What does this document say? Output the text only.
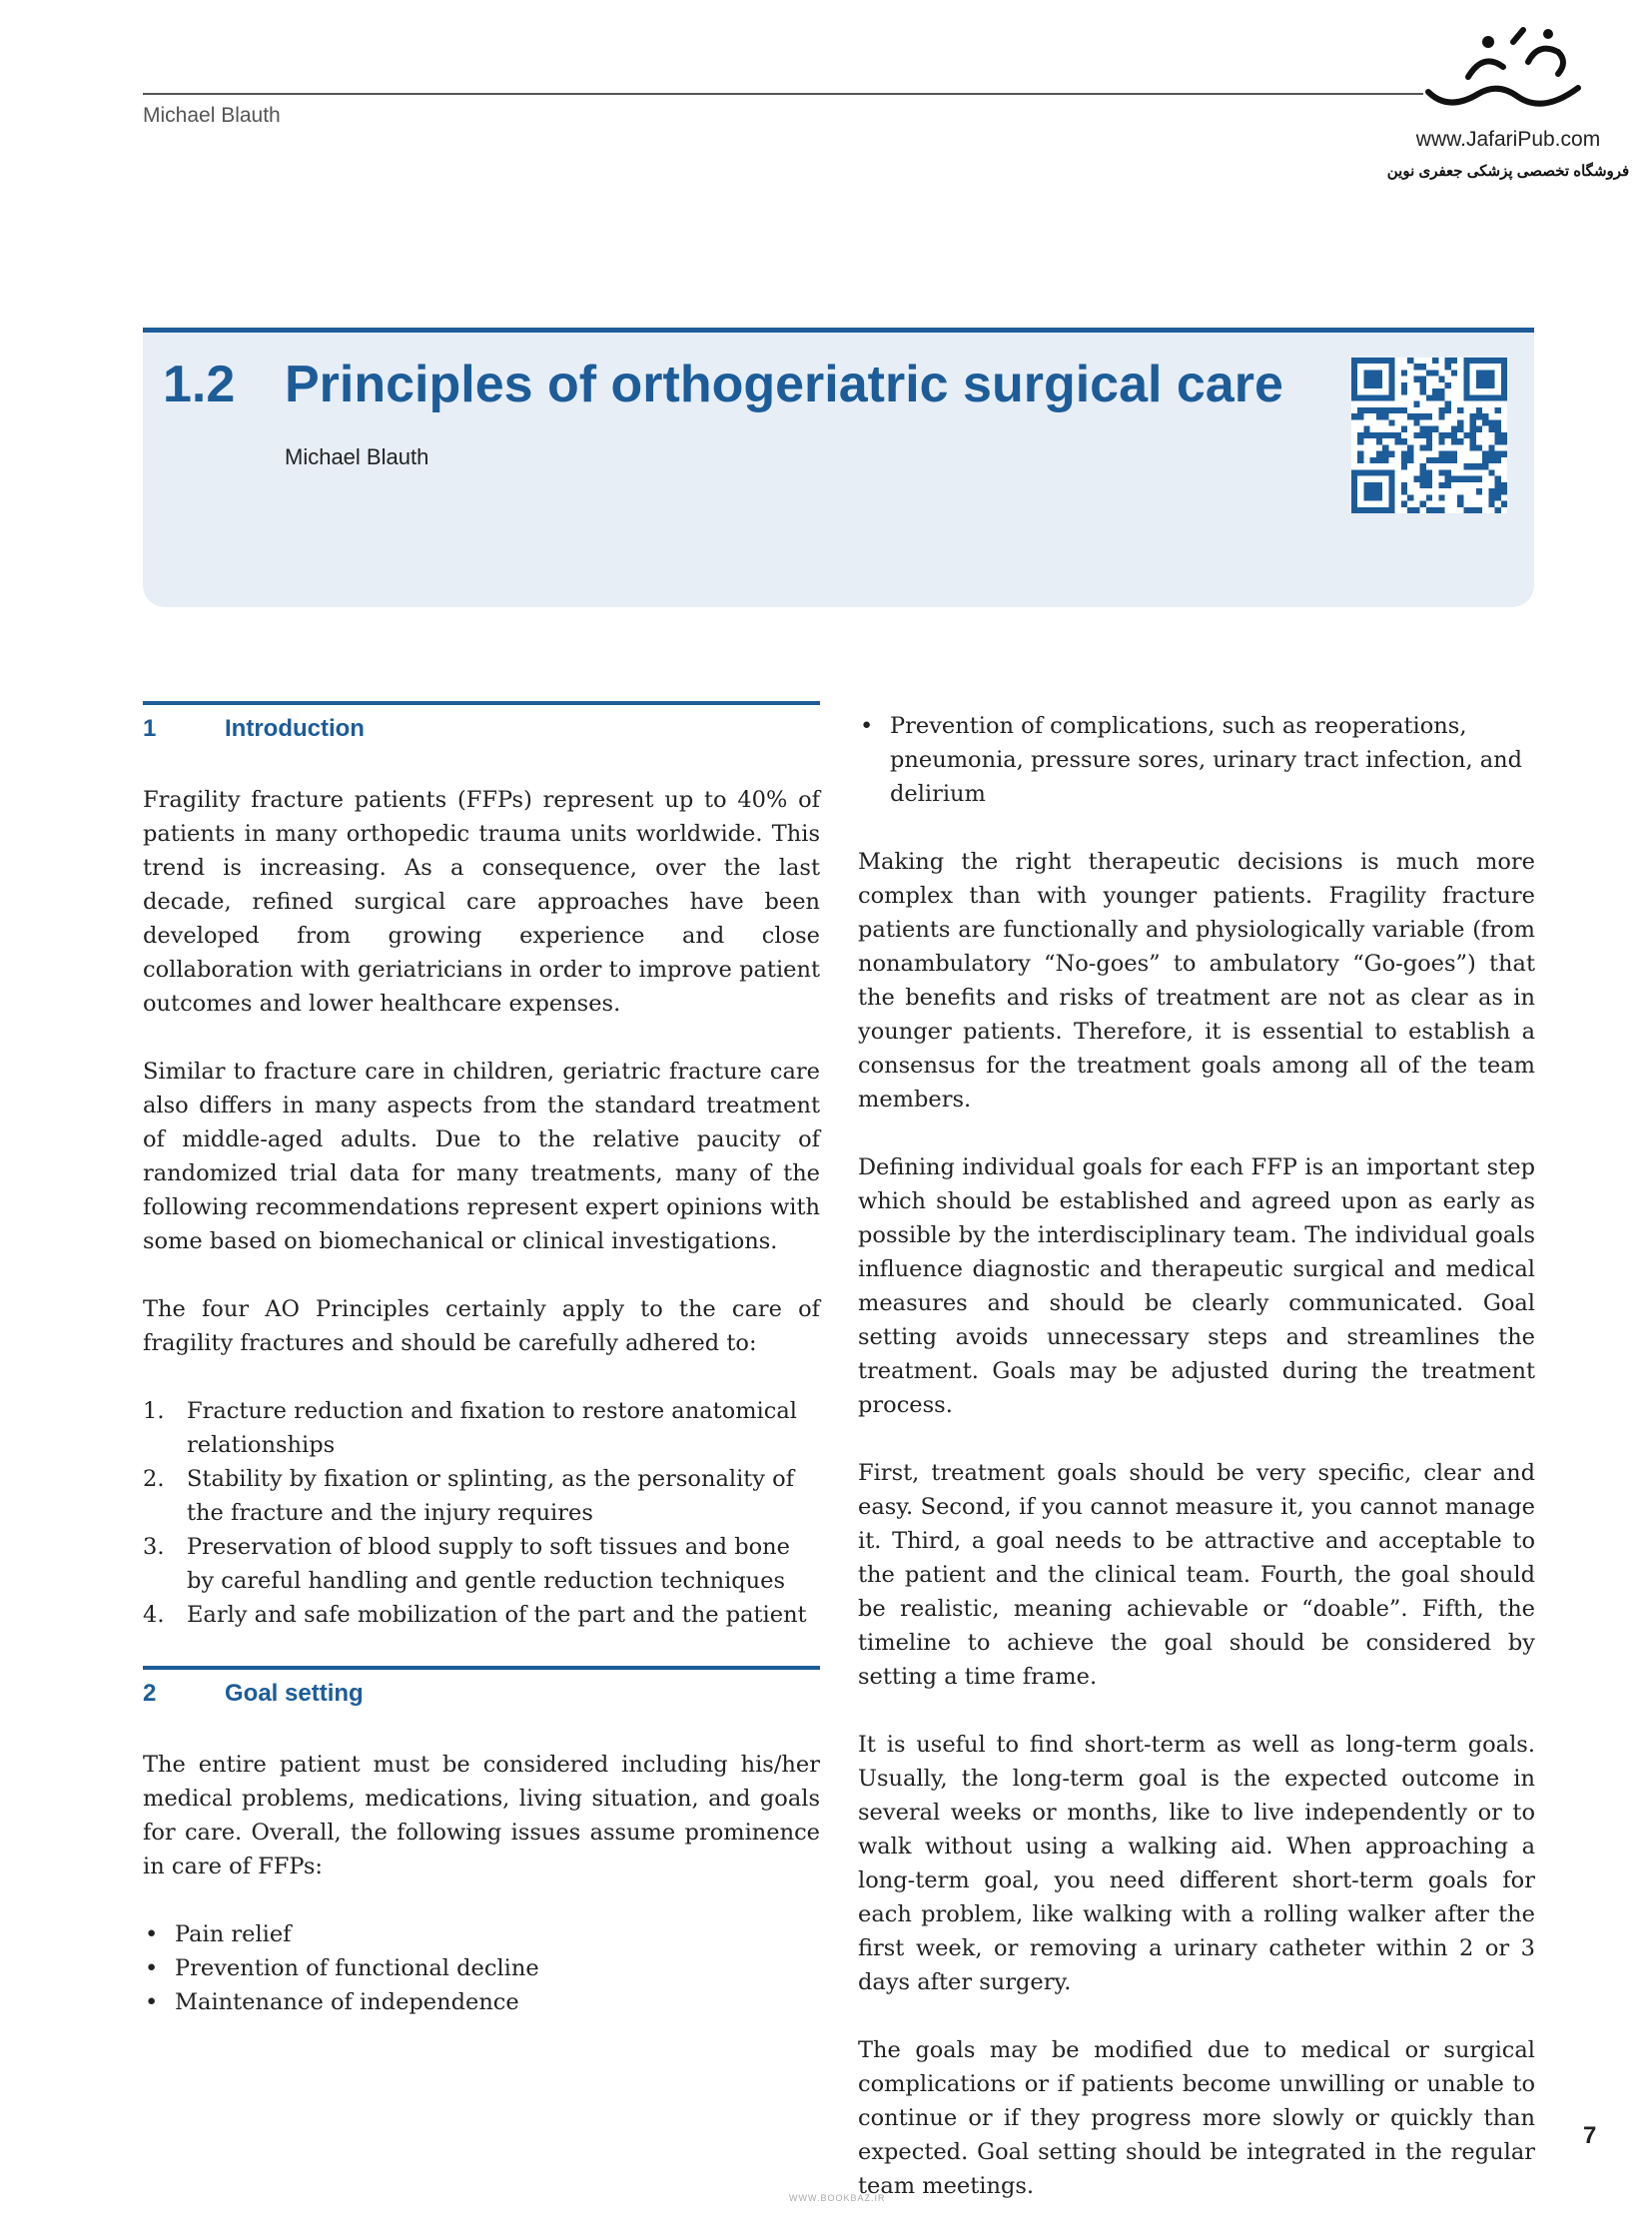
Michael Blauth
www.JafariPub.com
فروشگاه تخصصی پزشکی جعفری نوین
1.2 Principles of orthogeriatric surgical care
Michael Blauth
1	Introduction

Fragility fracture patients (FFPs) represent up to 40% of patients in many orthopedic trauma units worldwide. This trend is increasing. As a consequence, over the last decade, refined surgical care approaches have been developed from growing experience and close collaboration with geriatricians in order to improve patient outcomes and lower healthcare expenses.

Similar to fracture care in children, geriatric fracture care also differs in many aspects from the standard treatment of middle-aged adults. Due to the relative paucity of randomized trial data for many treatments, many of the following recommendations represent expert opinions with some based on biomechanical or clinical investigations.

The four AO Principles certainly apply to the care of fragility fractures and should be carefully adhered to:

1. Fracture reduction and fixation to restore anatomical relationships
2. Stability by fixation or splinting, as the personality of the fracture and the injury requires
3. Preservation of blood supply to soft tissues and bone by careful handling and gentle reduction techniques
4. Early and safe mobilization of the part and the patient
2	Goal setting

The entire patient must be considered including his/her medical problems, medications, living situation, and goals for care. Overall, the following issues assume prominence in care of FFPs:

• Pain relief
• Prevention of functional decline
• Maintenance of independence
• Prevention of complications, such as reoperations, pneumonia, pressure sores, urinary tract infection, and delirium

Making the right therapeutic decisions is much more complex than with younger patients. Fragility fracture patients are functionally and physiologically variable (from nonambulatory “No-goes” to ambulatory “Go-goes”) that the benefits and risks of treatment are not as clear as in younger patients. Therefore, it is essential to establish a consensus for the treatment goals among all of the team members.

Defining individual goals for each FFP is an important step which should be established and agreed upon as early as possible by the interdisciplinary team. The individual goals influence diagnostic and therapeutic surgical and medical measures and should be clearly communicated. Goal setting avoids unnecessary steps and streamlines the treatment. Goals may be adjusted during the treatment process.

First, treatment goals should be very specific, clear and easy. Second, if you cannot measure it, you cannot manage it. Third, a goal needs to be attractive and acceptable to the patient and the clinical team. Fourth, the goal should be realistic, meaning achievable or “doable”. Fifth, the timeline to achieve the goal should be considered by setting a time frame.

It is useful to find short-term as well as long-term goals. Usually, the long-term goal is the expected outcome in several weeks or months, like to live independently or to walk without using a walking aid. When approaching a long-term goal, you need different short-term goals for each problem, like walking with a rolling walker after the first week, or removing a urinary catheter within 2 or 3 days after surgery.

The goals may be modified due to medical or surgical complications or if patients become unwilling or unable to continue or if they progress more slowly or quickly than expected. Goal setting should be integrated in the regular team meetings.

7
WWW.BOOKBAZ.IR
